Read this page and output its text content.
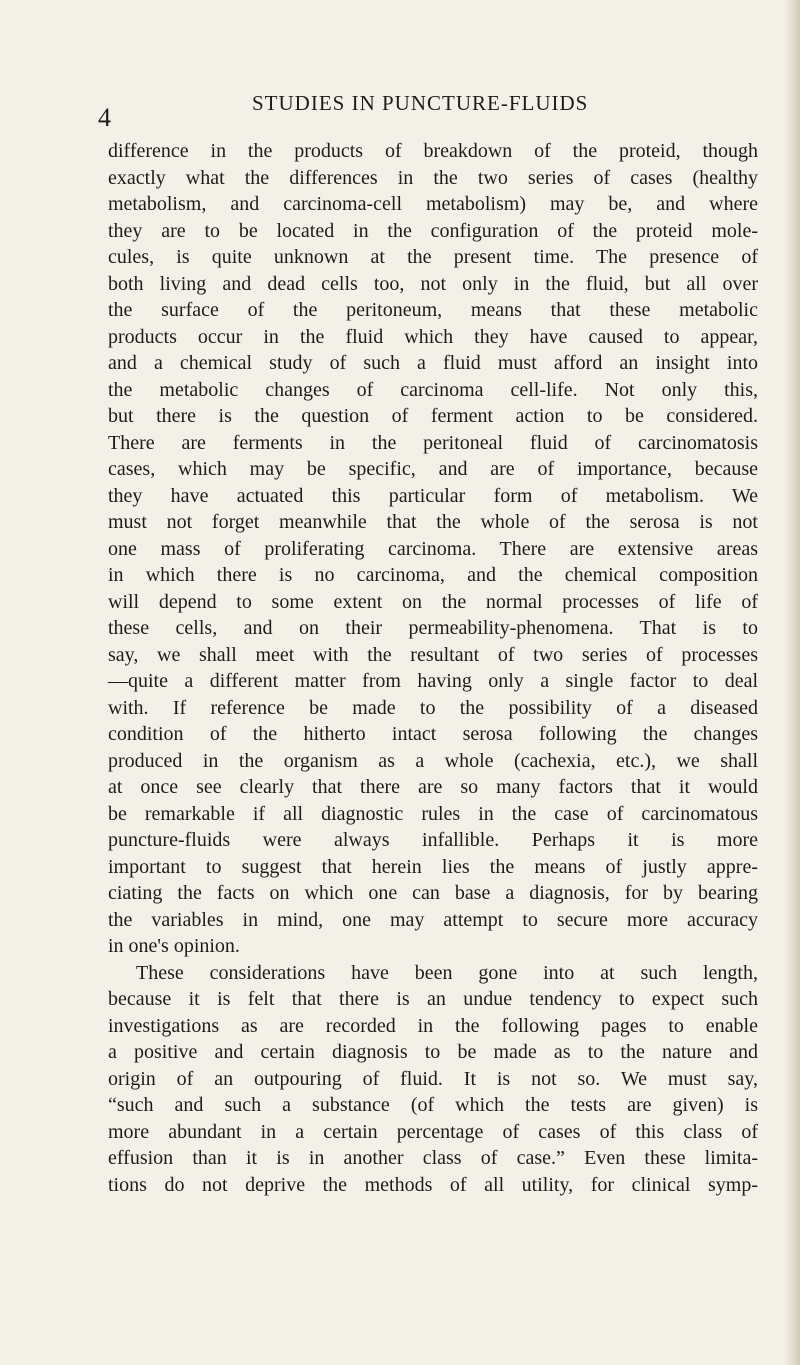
4	STUDIES IN PUNCTURE-FLUIDS
difference in the products of breakdown of the proteid, though
exactly what the differences in the two series of cases (healthy
metabolism, and carcinoma-cell metabolism) may be, and where
they are to be located in the configuration of the proteid mole-
cules, is quite unknown at the present time. The presence of
both living and dead cells too, not only in the fluid, but all over
the surface of the peritoneum, means that these metabolic
products occur in the fluid which they have caused to appear,
and a chemical study of such a fluid must afford an insight into
the metabolic changes of carcinoma cell-life. Not only this,
but there is the question of ferment action to be considered.
There are ferments in the peritoneal fluid of carcinomatosis
cases, which may be specific, and are of importance, because
they have actuated this particular form of metabolism. We
must not forget meanwhile that the whole of the serosa is not
one mass of proliferating carcinoma. There are extensive areas
in which there is no carcinoma, and the chemical composition
will depend to some extent on the normal processes of life of
these cells, and on their permeability-phenomena. That is to
say, we shall meet with the resultant of two series of processes
—quite a different matter from having only a single factor to deal
with. If reference be made to the possibility of a diseased
condition of the hitherto intact serosa following the changes
produced in the organism as a whole (cachexia, etc.), we shall
at once see clearly that there are so many factors that it would
be remarkable if all diagnostic rules in the case of carcinomatous
puncture-fluids were always infallible. Perhaps it is more
important to suggest that herein lies the means of justly appre-
ciating the facts on which one can base a diagnosis, for by bearing
the variables in mind, one may attempt to secure more accuracy
in one's opinion.
These considerations have been gone into at such length,
because it is felt that there is an undue tendency to expect such
investigations as are recorded in the following pages to enable
a positive and certain diagnosis to be made as to the nature and
origin of an outpouring of fluid. It is not so. We must say,
“such and such a substance (of which the tests are given) is
more abundant in a certain percentage of cases of this class of
effusion than it is in another class of case.” Even these limita-
tions do not deprive the methods of all utility, for clinical symp-
